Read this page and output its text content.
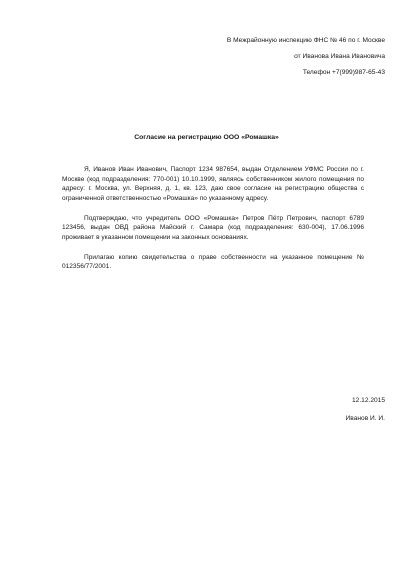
В Межрайонную инспекцию ФНС № 46 по г. Москве
от Иванова Ивана Ивановича
Телефон +7(999)987-65-43
Согласие на регистрацию ООО «Ромашка»

Я, Иванов Иван Иванович, Паспорт 1234 987654, выдан Отделением УФМС России по г. Москве (код подразделения: 770-001) 10.10.1999, являясь собственником жилого помещения по адресу: г. Москва, ул. Верхняя, д. 1, кв. 123, даю свое согласие на регистрацию общества с ограниченной ответственностью «Ромашка» по указанному адресу.

Подтверждаю, что учредитель ООО «Ромашка» Петров Пётр Петрович, паспорт 6789 123456, выдан ОВД района Майский г. Самара (код подразделения: 630-004), 17.06.1996 проживает в указанном помещении на законных основаниях.

Прилагаю копию свидетельства о праве собственности на указанное помещение № 012356/77/2001.

12.12.2015
Иванов И. И.
